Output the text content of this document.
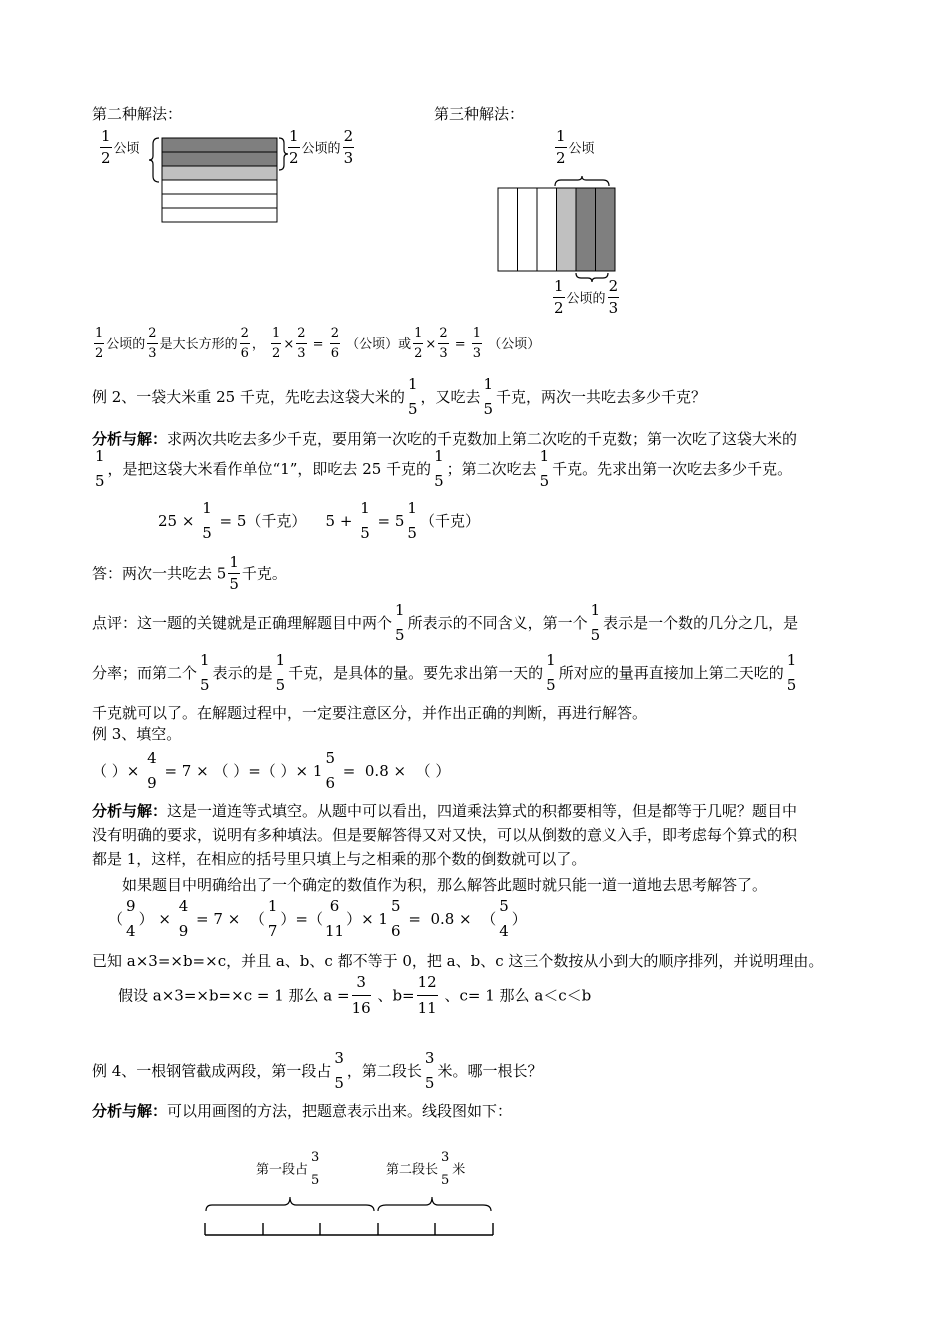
第二种解法：	第三种解法：
$\frac{1}{2}$ 公顷	$\frac{1}{2}$ 公顷的 $\frac{2}{3}$	$\frac{1}{2}$ 公顷
$\frac{1}{2}$ 公顷的 $\frac{2}{3}$
$\frac{1}{2}$ 公顷的 $\frac{2}{3}$ 是大长方形的 $\frac{2}{6}$ ， $\frac{1}{2} \times \frac{2}{3} = \frac{2}{6}$ （公顷）或 $\frac{1}{2} \times \frac{2}{3} = \frac{1}{3}$ （公顷）
例 2、一袋大米重 25 千克，先吃去这袋大米的
1
5
，又吃去
1
5
千克，两次一共吃去多少千克？
分析与解：求两次共吃去多少千克，要用第一次吃的千克数加上第二次吃的千克数；第一次吃了这袋大米的
1
5
，是把这袋大米看作单位“1”，即吃去 25 千克的
1
5
；第二次吃去
1
5
千克。先求出第一次吃去多少千克。
25 ×
1
5
= 5（千克） 5 +
1
5
= 5
1
5
（千克）
答：两次一共吃去 $5 \frac{1}{5}$ 千克。
点评：这一题的关键就是正确理解题目中两个
1
5
所表示的不同含义，第一个
1
5
表示是一个数的几分之几，是
分率；而第二个
1
5
表示的是
1
5
千克，是具体的量。要先求出第一天的
1
5
所对应的量再直接加上第二天吃的
1
5
千克就可以了。在解题过程中，一定要注意区分，并作出正确的判断，再进行解答。
例 3、填空。
（ ）×
4
9
= 7 × （ ）=（ ）× 1
5
6
= 0.8 × （ ）
分析与解：这是一道连等式填空。从题中可以看出，四道乘法算式的积都要相等，但是都等于几呢？题目中
没有明确的要求，说明有多种填法。但是要解答得又对又快，可以从倒数的意义入手，即考虑每个算式的积
都是 1，这样，在相应的括号里只填上与之相乘的那个数的倒数就可以了。
如果题目中明确给出了一个确定的数值作为积，那么解答此题时就只能一道一道地去思考解答了。
（
9
4
） ×
4
9
= 7 × （
1
7
）=（
6
11
）× 1
5
6
= 0.8 × （
5
4
）
已知 a×3=×b=×c，并且 a、b、c 都不等于 0，把 a、b、c 这三个数按从小到大的顺序排列，并说明理由。
假设 a×3=×b=×c = 1 那么 $a = \frac{3}{16}$ 、$b= \frac{12}{11}$ 、c= 1 那么 a＜c＜b
例 4、一根钢管截成两段，第一段占
3
5
，第二段长
3
5
米。哪一根长？
分析与解：可以用画图的方法，把题意表示出来。线段图如下：
第一段占
3
5
第二段长
3
5
米
